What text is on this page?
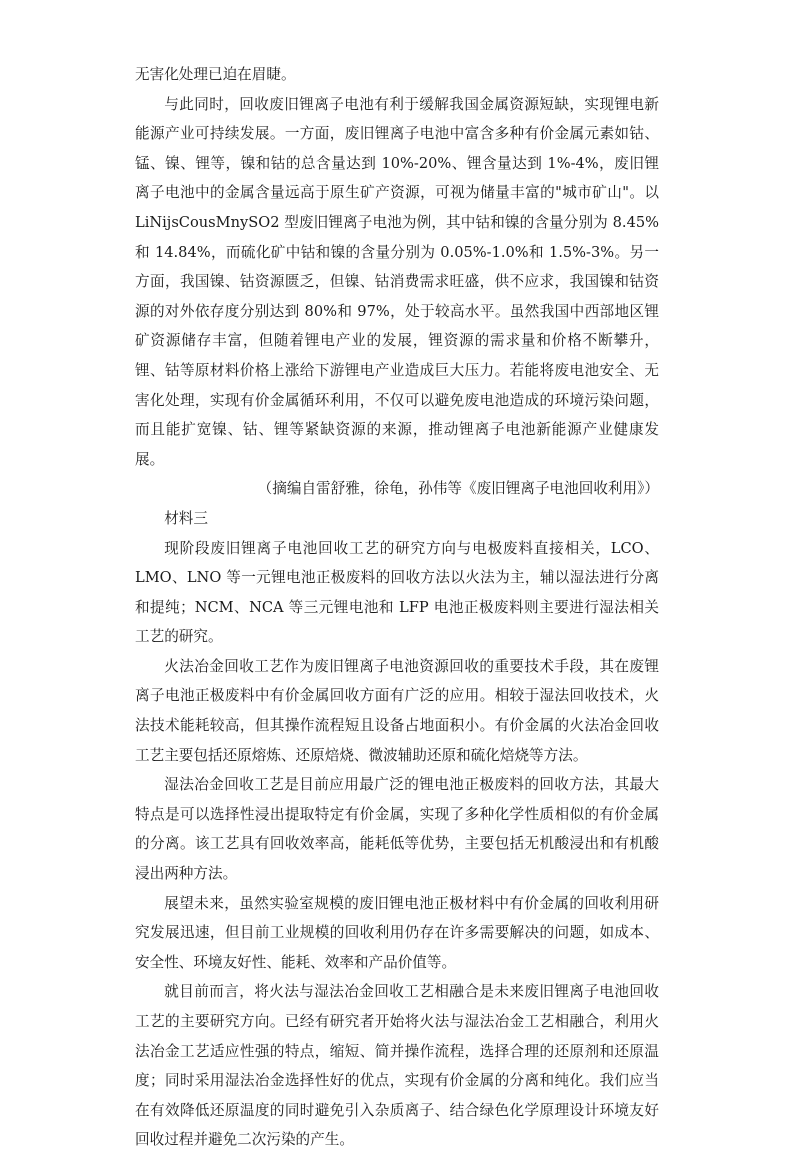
无害化处理已迫在眉睫。

与此同时，回收废旧锂离子电池有利于缓解我国金属资源短缺，实现锂电新能源产业可持续发展。一方面，废旧锂离子电池中富含多种有价金属元素如钴、锰、镍、锂等，镍和钴的总含量达到 10%-20%、锂含量达到 1%-4%，废旧锂离子电池中的金属含量远高于原生矿产资源，可视为储量丰富的"城市矿山"。以 LiNijsCousMnySO2 型废旧锂离子电池为例，其中钴和镍的含量分别为 8.45%和 14.84%，而硫化矿中钴和镍的含量分别为 0.05%-1.0%和 1.5%-3%。另一方面，我国镍、钴资源匮乏，但镍、钴消费需求旺盛，供不应求，我国镍和钴资源的对外依存度分别达到 80%和 97%，处于较高水平。虽然我国中西部地区锂矿资源储存丰富，但随着锂电产业的发展，锂资源的需求量和价格不断攀升，锂、钴等原材料价格上涨给下游锂电产业造成巨大压力。若能将废电池安全、无害化处理，实现有价金属循环利用，不仅可以避免废电池造成的环境污染问题，而且能扩宽镍、钴、锂等紧缺资源的来源，推动锂离子电池新能源产业健康发展。

（摘编自雷舒雅，徐龟，孙伟等《废旧锂离子电池回收利用》）

材料三

现阶段废旧锂离子电池回收工艺的研究方向与电极废料直接相关，LCO、LMO、LNO 等一元锂电池正极废料的回收方法以火法为主，辅以湿法进行分离和提纯；NCM、NCA 等三元锂电池和 LFP 电池正极废料则主要进行湿法相关工艺的研究。

火法冶金回收工艺作为废旧锂离子电池资源回收的重要技术手段，其在废锂离子电池正极废料中有价金属回收方面有广泛的应用。相较于湿法回收技术，火法技术能耗较高，但其操作流程短且设备占地面积小。有价金属的火法冶金回收工艺主要包括还原熔炼、还原焙烧、微波辅助还原和硫化焙烧等方法。

湿法冶金回收工艺是目前应用最广泛的锂电池正极废料的回收方法，其最大特点是可以选择性浸出提取特定有价金属，实现了多种化学性质相似的有价金属的分离。该工艺具有回收效率高，能耗低等优势，主要包括无机酸浸出和有机酸浸出两种方法。

展望未来，虽然实验室规模的废旧锂电池正极材料中有价金属的回收利用研究发展迅速，但目前工业规模的回收利用仍存在许多需要解决的问题，如成本、安全性、环境友好性、能耗、效率和产品价值等。

就目前而言，将火法与湿法冶金回收工艺相融合是未来废旧锂离子电池回收工艺的主要研究方向。已经有研究者开始将火法与湿法冶金工艺相融合，利用火法冶金工艺适应性强的特点，缩短、简并操作流程，选择合理的还原剂和还原温度；同时采用湿法冶金选择性好的优点，实现有价金属的分离和纯化。我们应当在有效降低还原温度的同时避免引入杂质离子、结合绿色化学原理设计环境友好回收过程并避免二次污染的产生。
